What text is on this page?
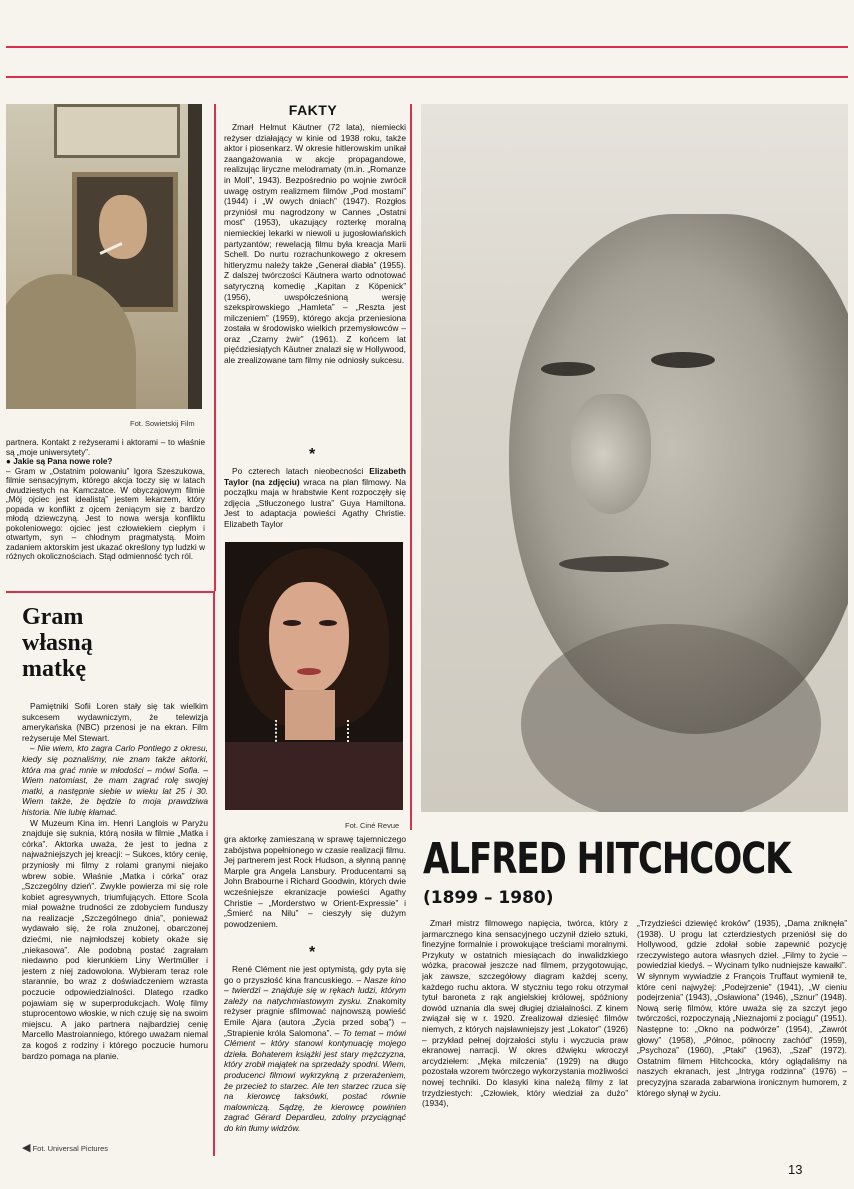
Fot. Sowietskij Film

partnera. Kontakt z reżyserami i aktorami – to właśnie są „moje uniwersytety”.

● Jakie są Pana nowe role?

– Gram w „Ostatnim polowaniu” Igora Szeszukowa, filmie sensacyjnym, którego akcja toczy się w latach dwudziestych na Kamczatce. W obyczajowym filmie „Mój ojciec jest idealistą” jestem lekarzem, który popada w konflikt z ojcem żeniącym się z bardzo młodą dziewczyną. Jest to nowa wersja konfliktu pokoleniowego: ojciec jest człowiekiem ciepłym i otwartym, syn – chłodnym pragmatystą. Moim zadaniem aktorskim jest ukazać określony typ ludzki w różnych okolicznościach. Stąd odmienność tych ról.

Gram własną matkę

Pamiętniki Sofii Loren stały się tak wielkim sukcesem wydawniczym, że telewizja amerykańska (NBC) przenosi je na ekran. Film reżyseruje Mel Stewart.

– Nie wiem, kto zagra Carlo Pontiego z okresu, kiedy się poznaliśmy, nie znam także aktorki, która ma grać mnie w młodości – mówi Sofia. – Wiem natomiast, że mam zagrać rolę swojej matki, a następnie siebie w wieku lat 25 i 30. Wiem także, że będzie to moja prawdziwa historia. Nie lubię kłamać.

W Muzeum Kina im. Henri Langlois w Paryżu znajduje się suknia, którą nosiła w filmie „Matka i córka”. Aktorka uważa, że jest to jedna z najważniejszych jej kreacji: – Sukces, który cenię, przyniosły mi filmy z rolami granymi niejako wbrew sobie. Właśnie „Matka i córka” oraz „Szczególny dzień”. Zwykle powierza mi się role kobiet agresywnych, triumfujących. Ettore Scola miał poważne trudności ze zdobyciem funduszy na realizacje „Szczególnego dnia”, ponieważ wydawało się, że rola znużonej, obarczonej dziećmi, nie najmłodszej kobiety okaże się „niekasowa”. Ale podobną postać zagrałam niedawno pod kierunkiem Liny Wertmüller i jestem z niej zadowolona. Wybieram teraz role starannie, bo wraz z doświadczeniem wzrasta poczucie odpowiedzialności. Dlatego rzadko pojawiam się w superprodukcjach. Wolę filmy stuprocentowo włoskie, w nich czuję się na swoim miejscu. A jako partnera najbardziej cenię Marcello Mastroianniego, którego uważam niemal za kogoś z rodziny i którego poczucie humoru bardzo pomaga na planie.

◀ Fot. Universal Pictures
FAKTY

Zmarł Helmut Käutner (72 lata), niemiecki reżyser działający w kinie od 1938 roku, także aktor i piosenkarz. W okresie hitlerowskim unikał zaangażowania w akcje propagandowe, realizując liryczne melodramaty (m.in. „Romanze in Moll”, 1943). Bezpośrednio po wojnie zwrócił uwagę ostrym realizmem filmów „Pod mostami” (1944) i „W owych dniach” (1947). Rozgłos przyniósł mu nagrodzony w Cannes „Ostatni most” (1953), ukazujący rozterkę moralną niemieckiej lekarki w niewoli u jugosłowiańskich partyzantów; rewelacją filmu była kreacja Marii Schell. Do nurtu rozrachunkowego z okresem hitleryzmu należy także „Generał diabła” (1955). Z dalszej twórczości Käutnera warto odnotować satyryczną komedię „Kapitan z Köpenick” (1956), uwspółcześnioną wersję szekspirowskiego „Hamleta” – „Reszta jest milczeniem” (1959), którego akcja przeniesiona została w środowisko wielkich przemysłowców – oraz „Czarny żwir” (1961). Z końcem lat pięćdziesiątych Käutner znalazł się w Hollywood, ale zrealizowane tam filmy nie odniosły sukcesu.

*

Po czterech latach nieobecności Elizabeth Taylor (na zdjęciu) wraca na plan filmowy. Na początku maja w hrabstwie Kent rozpoczęły się zdjęcia „Stłuczonego lustra” Guya Hamiltona. Jest to adaptacja powieści Agathy Christie. Elizabeth Taylor

Fot. Ciné Revue

gra aktorkę zamieszaną w sprawę tajemniczego zabójstwa popełnionego w czasie realizacji filmu. Jej partnerem jest Rock Hudson, a słynną pannę Marple gra Angela Lansbury. Producentami są John Brabourne i Richard Goodwin, których dwie wcześniejsze ekranizacje powieści Agathy Christie – „Morderstwo w Orient-Expressie” i „Śmierć na Nilu” – cieszyły się dużym powodzeniem.

*

René Clément nie jest optymistą, gdy pyta się go o przyszłość kina francuskiego. – Nasze kino – twierdzi – znajduje się w rękach ludzi, którym zależy na natychmiastowym zysku. Znakomity reżyser pragnie sfilmować najnowszą powieść Emile Ajara (autora „Życia przed sobą”) – „Strapienie króla Salomona”. – To temat – mówi Clément – który stanowi kontynuację mojego dzieła. Bohaterem książki jest stary mężczyzna, który zrobił majątek na sprzedaży spodni. Wiem, producenci filmowi wykrzykną z przerażeniem, że przecież to starzec. Ale ten starzec rzuca się na kierowcę taksówki, postać równie malowniczą. Sądzę, że kierowcę powinien zagrać Gérard Depardieu, zdolny przyciągnąć do kin tłumy widzów.

ALFRED HITCHCOCK
(1899 – 1980)

Zmarł mistrz filmowego napięcia, twórca, który z jarmarcznego kina sensacyjnego uczynił dzieło sztuki, finezyjne formalnie i prowokujące treściami moralnymi. Przykuty w ostatnich miesiącach do inwalidzkiego wózka, pracował jeszcze nad filmem, przygotowując, jak zawsze, szczegółowy diagram każdej sceny, każdego ruchu aktora. W styczniu tego roku otrzymał tytuł baroneta z rąk angielskiej królowej, spóźniony dowód uznania dla swej długiej działalności. Z kinem związał się w r. 1920. Zrealizował dziesięć filmów niemych, z których najsławniejszy jest „Lokator” (1926) – przykład pełnej dojrzałości stylu i wyczucia praw ekranowej narracji. W okres dźwięku wkroczył arcydziełem: „Męka milczenia” (1929) na długo pozostała wzorem twórczego wykorzystania możliwości nowej techniki. Do klasyki kina należą filmy z lat trzydziestych: „Człowiek, który wiedział za dużo” (1934),

„Trzydzieści dziewięć kroków” (1935), „Dama zniknęła” (1938). U progu lat czterdziestych przeniósł się do Hollywood, gdzie zdołał sobie zapewnić pozycję rzeczywistego autora własnych dzieł. „Filmy to życie – powiedział kiedyś. – Wycinam tylko nudniejsze kawałki”. W słynnym wywiadzie z François Truffaut wymienił te, które ceni najwyżej: „Podejrzenie” (1941), „W cieniu podejrzenia” (1943), „Osławiona” (1946), „Sznur” (1948). Nową serię filmów, które uważa się za szczyt jego twórczości, rozpoczynają „Nieznajomi z pociągu” (1951). Następne to: „Okno na podwórze” (1954), „Zawrót głowy” (1958), „Północ, północny zachód” (1959), „Psychoza” (1960), „Ptaki” (1963), „Szał” (1972). Ostatnim filmem Hitchcocka, który oglądaliśmy na naszych ekranach, jest „Intryga rodzinna” (1976) – precyzyjna szarada zabarwiona ironicznym humorem, z którego słynął w życiu.

13
